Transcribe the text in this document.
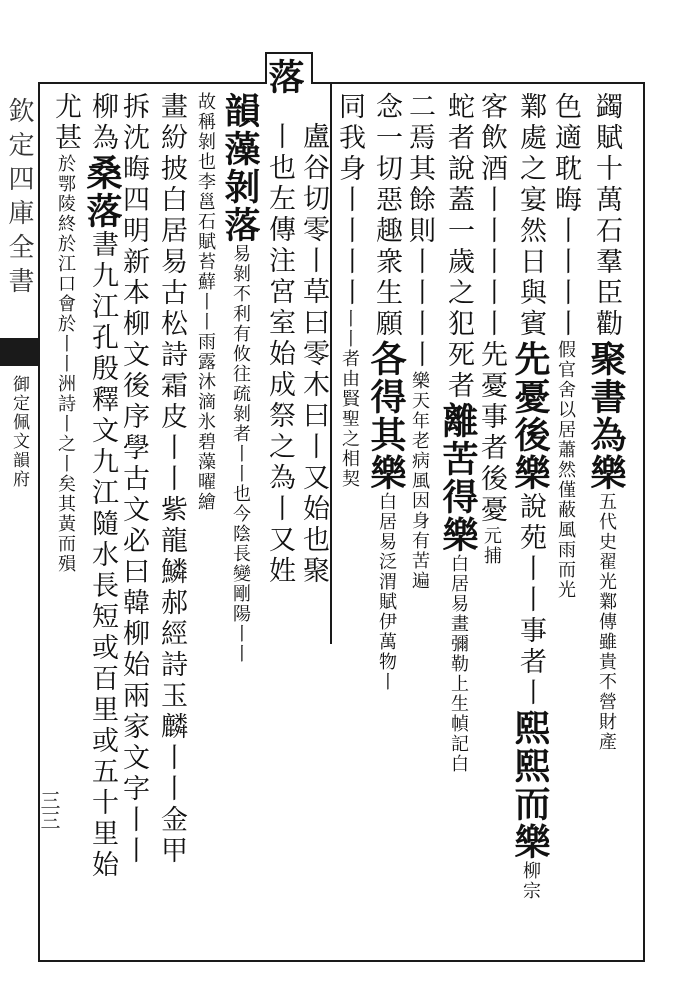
落
欽定四庫全書
御定佩文韻府
三三
蠲賦十萬石羣臣勸聚書為樂五代史翟光鄴傳雖貴不營財產
色適耽晦丨丨丨丨假官舍以居蕭然僅蔽風雨而光
鄴處之宴然日與賓先憂後樂說苑丨丨事者丨熙熙而樂柳宗
客飲酒丨丨丨丨丨先憂事者後憂元捕
蛇者說蓋一歲之犯死者離苦得樂白居易畫彌勒上生幀記白
二焉其餘則丨丨丨丨樂天年老病風因身有苦遍
念一切惡趣衆生願各得其樂白居易泛渭賦伊萬物丨
同我身丨丨丨丨丨丨者由賢聖之相契
盧谷切零丨草曰零木曰丨又始也聚
丨也左傳注宮室始成祭之為丨又姓
韻藻剝落易剝不利有攸往疏剝者丨丨也今陰長變剛陽丨丨
故稱剝也李邕石賦苔蘚丨丨雨露沐滴氷碧藻曜繪
畫紛披白居易古松詩霜皮丨丨紫龍鱗郝經詩玉麟丨丨金甲
拆沈晦四明新本柳文後序學古文必曰韓柳始兩家文字丨丨
柳為桑落書九江孔殷釋文九江隨水長短或百里或五十里始
尤甚於鄂陵終於江口會於丨丨洲詩丨之丨矣其黃而殞
